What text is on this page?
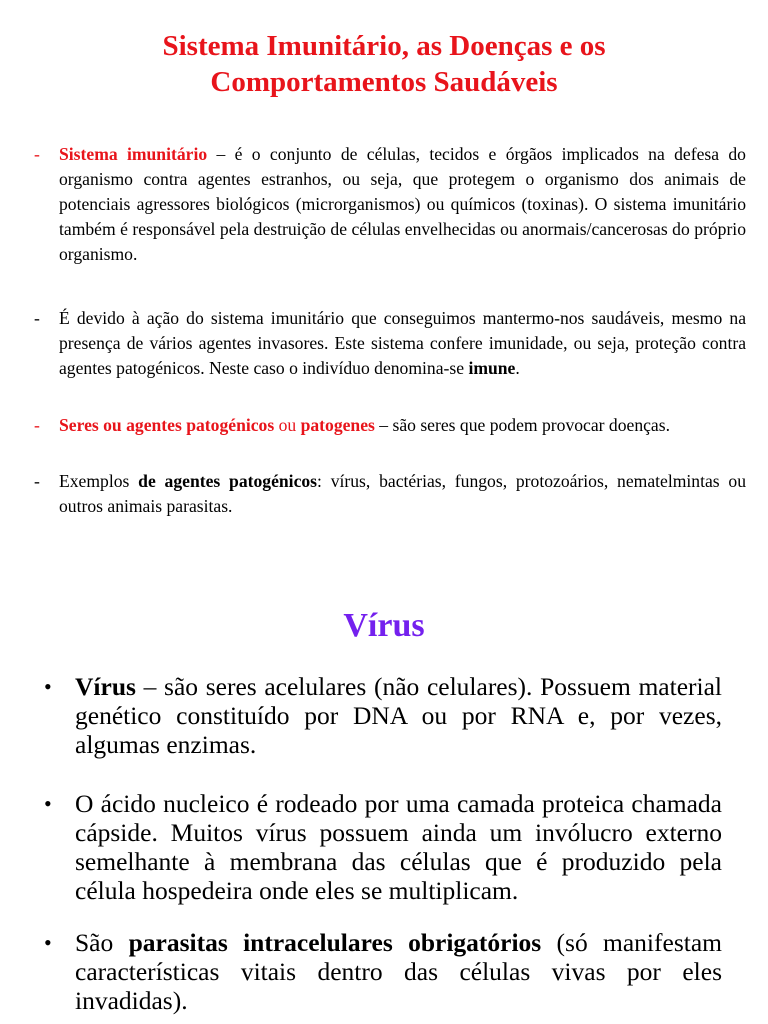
Sistema Imunitário, as Doenças e os
Comportamentos Saudáveis
- Sistema imunitário – é o conjunto de células, tecidos e órgãos implicados na defesa do organismo contra agentes estranhos, ou seja, que protegem o organismo dos animais de potenciais agressores biológicos (microrganismos) ou químicos (toxinas). O sistema imunitário também é responsável pela destruição de células envelhecidas ou anormais/cancerosas do próprio organismo.
- É devido à ação do sistema imunitário que conseguimos mantermo-nos saudáveis, mesmo na presença de vários agentes invasores. Este sistema confere imunidade, ou seja, proteção contra agentes patogénicos. Neste caso o indivíduo denomina-se imune.
- Seres ou agentes patogénicos ou patogenes – são seres que podem provocar doenças.
- Exemplos de agentes patogénicos: vírus, bactérias, fungos, protozoários, nematelmintas ou outros animais parasitas.
Vírus
• Vírus – são seres acelulares (não celulares). Possuem material genético constituído por DNA ou por RNA e, por vezes, algumas enzimas.
• O ácido nucleico é rodeado por uma camada proteica chamada cápside. Muitos vírus possuem ainda um invólucro externo semelhante à membrana das células que é produzido pela célula hospedeira onde eles se multiplicam.
• São parasitas intracelulares obrigatórios (só manifestam características vitais dentro das células vivas por eles invadidas).
